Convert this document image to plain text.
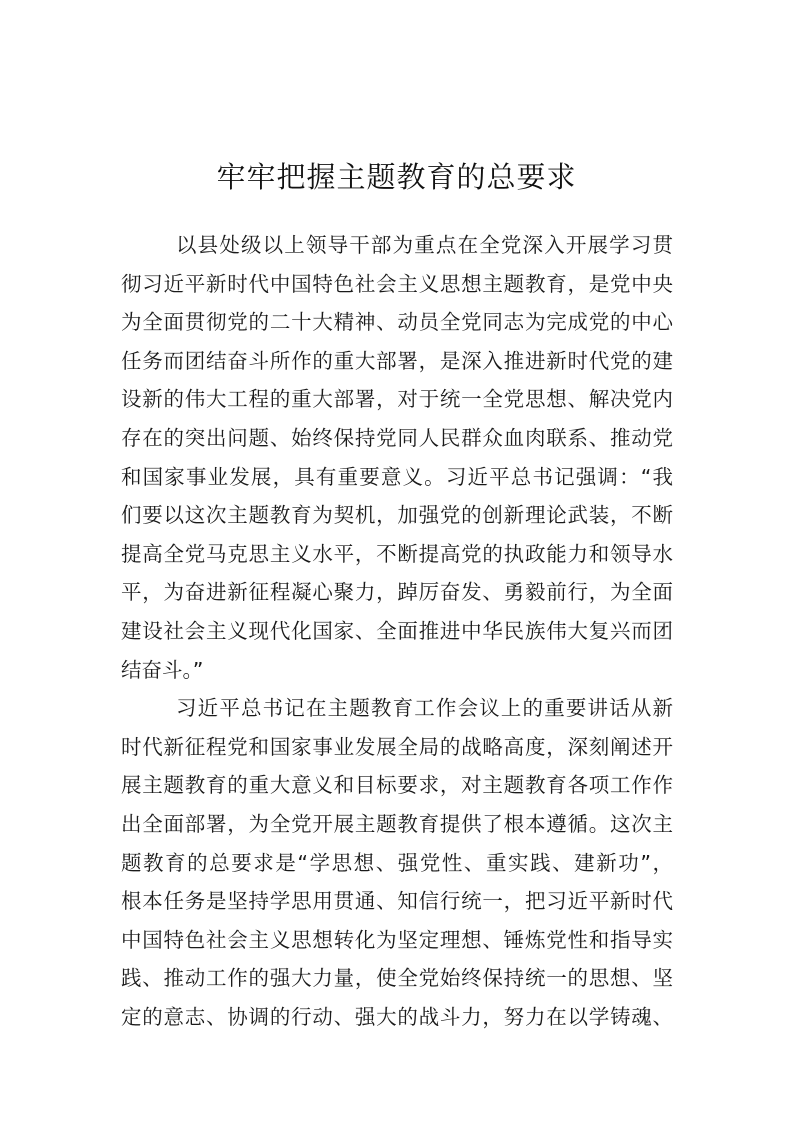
牢牢把握主题教育的总要求
以县处级以上领导干部为重点在全党深入开展学习贯
彻习近平新时代中国特色社会主义思想主题教育，是党中央
为全面贯彻党的二十大精神、动员全党同志为完成党的中心
任务而团结奋斗所作的重大部署，是深入推进新时代党的建
设新的伟大工程的重大部署，对于统一全党思想、解决党内
存在的突出问题、始终保持党同人民群众血肉联系、推动党
和国家事业发展，具有重要意义。习近平总书记强调：“我
们要以这次主题教育为契机，加强党的创新理论武装，不断
提高全党马克思主义水平，不断提高党的执政能力和领导水
平，为奋进新征程凝心聚力，踔厉奋发、勇毅前行，为全面
建设社会主义现代化国家、全面推进中华民族伟大复兴而团
结奋斗。”
习近平总书记在主题教育工作会议上的重要讲话从新
时代新征程党和国家事业发展全局的战略高度，深刻阐述开
展主题教育的重大意义和目标要求，对主题教育各项工作作
出全面部署，为全党开展主题教育提供了根本遵循。这次主
题教育的总要求是“学思想、强党性、重实践、建新功”，
根本任务是坚持学思用贯通、知信行统一，把习近平新时代
中国特色社会主义思想转化为坚定理想、锤炼党性和指导实
践、推动工作的强大力量，使全党始终保持统一的思想、坚
定的意志、协调的行动、强大的战斗力，努力在以学铸魂、
